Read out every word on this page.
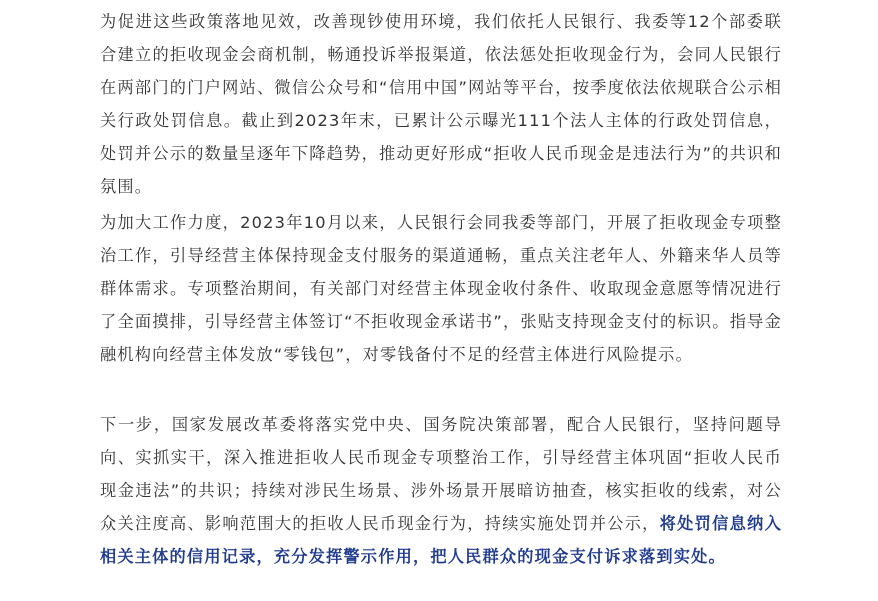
为促进这些政策落地见效，改善现钞使用环境，我们依托人民银行、我委等12个部委联合建立的拒收现金会商机制，畅通投诉举报渠道，依法惩处拒收现金行为，会同人民银行在两部门的门户网站、微信公众号和“信用中国”网站等平台，按季度依法依规联合公示相关行政处罚信息。截止到2023年末，已累计公示曝光111个法人主体的行政处罚信息，处罚并公示的数量呈逐年下降趋势，推动更好形成“拒收人民币现金是违法行为”的共识和氛围。

为加大工作力度，2023年10月以来，人民银行会同我委等部门，开展了拒收现金专项整治工作，引导经营主体保持现金支付服务的渠道通畅，重点关注老年人、外籍来华人员等群体需求。专项整治期间，有关部门对经营主体现金收付条件、收取现金意愿等情况进行了全面摸排，引导经营主体签订“不拒收现金承诺书”，张贴支持现金支付的标识。指导金融机构向经营主体发放“零钱包”，对零钱备付不足的经营主体进行风险提示。

下一步，国家发展改革委将落实党中央、国务院决策部署，配合人民银行，坚持问题导向、实抓实干，深入推进拒收人民币现金专项整治工作，引导经营主体巩固“拒收人民币现金违法”的共识；持续对涉民生场景、涉外场景开展暗访抽查，核实拒收的线索，对公众关注度高、影响范围大的拒收人民币现金行为，持续实施处罚并公示，将处罚信息纳入相关主体的信用记录，充分发挥警示作用，把人民群众的现金支付诉求落到实处。
